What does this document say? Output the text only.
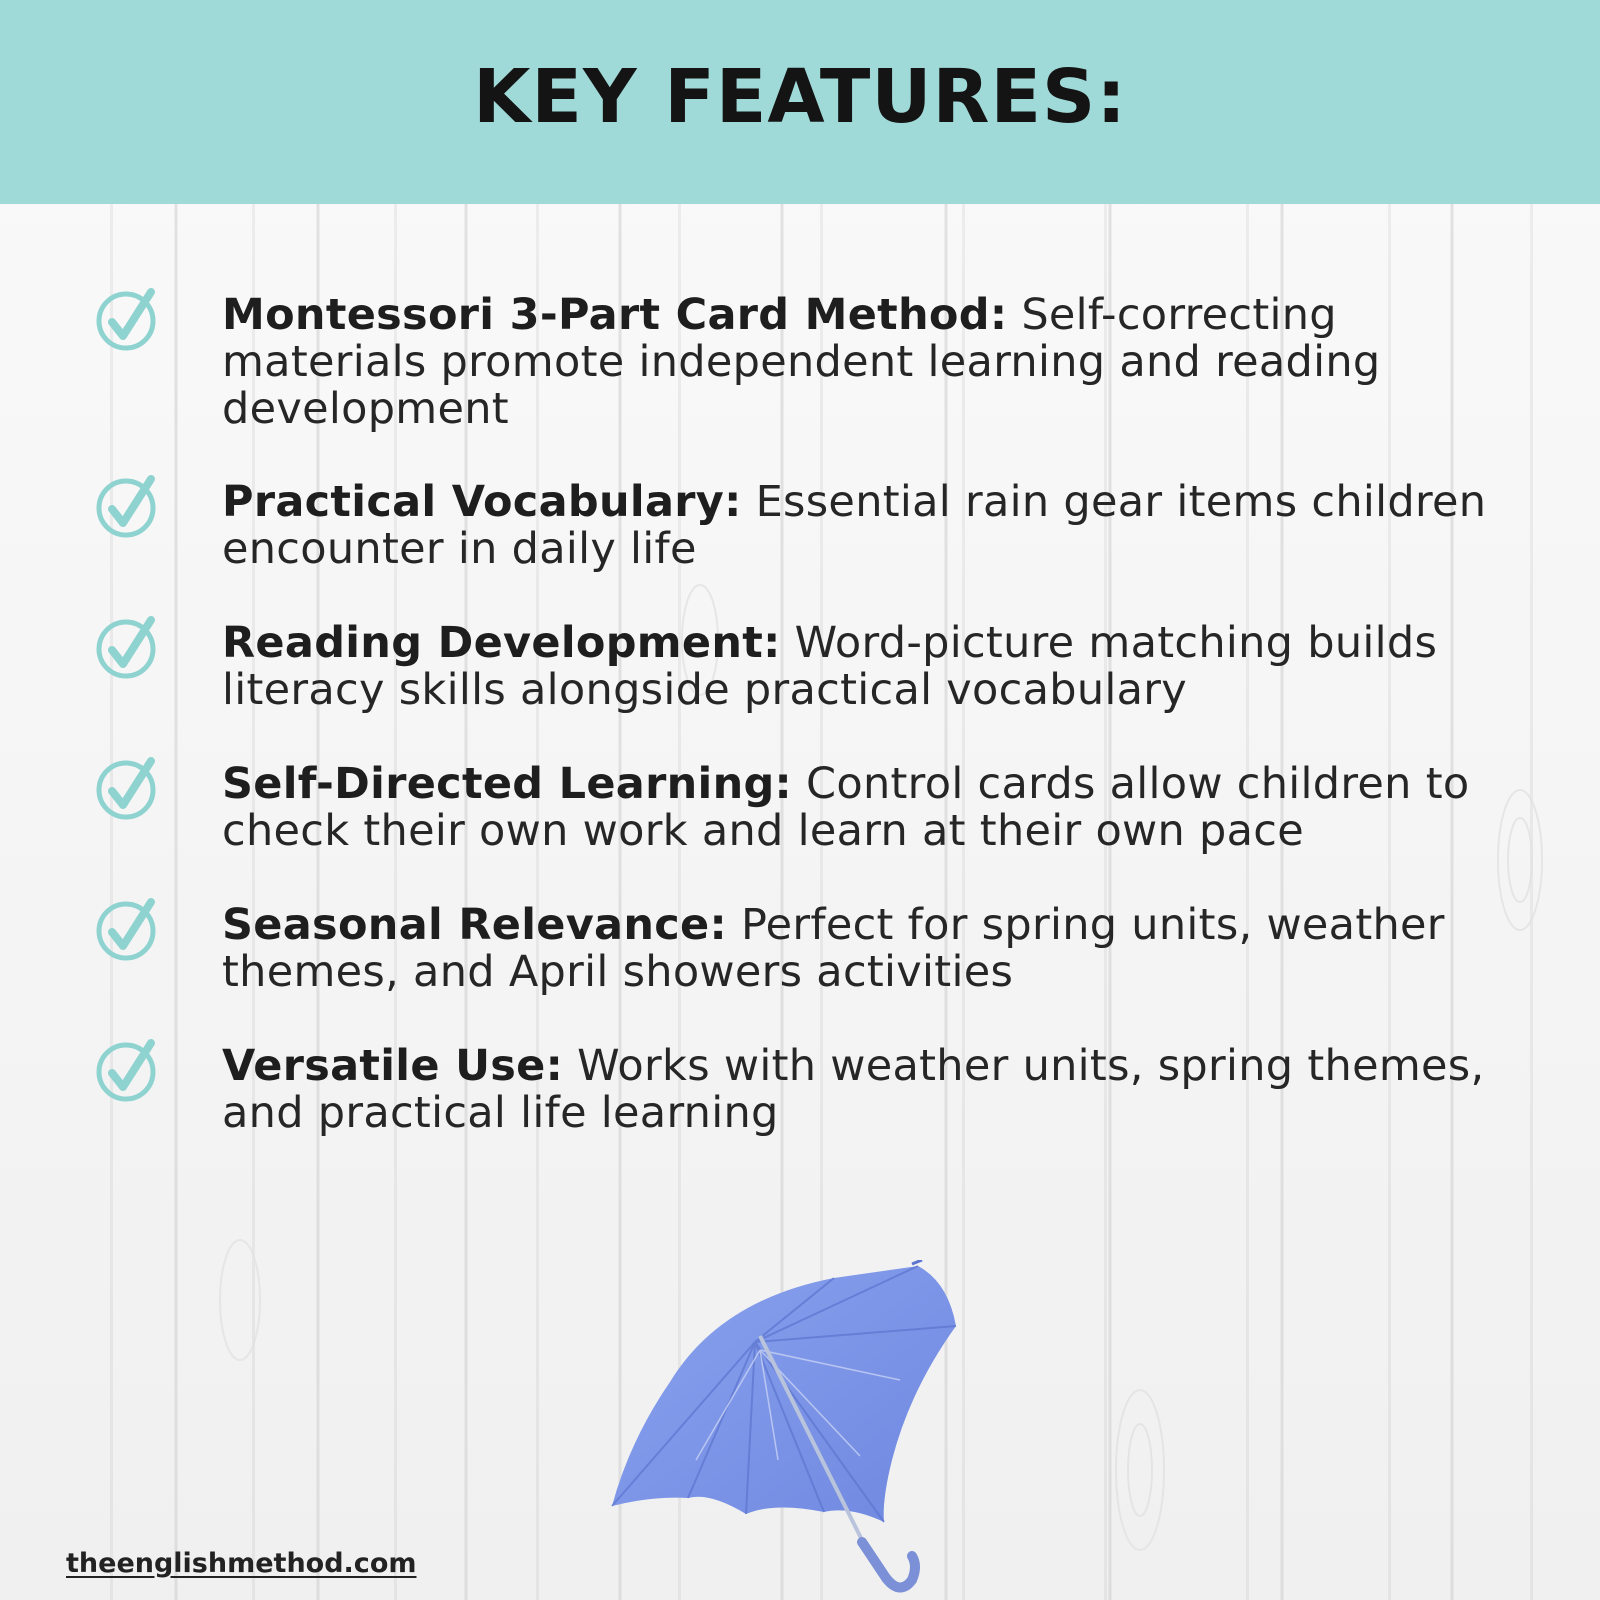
KEY FEATURES:
Montessori 3-Part Card Method: Self-correcting materials promote independent learning and reading development
Practical Vocabulary: Essential rain gear items children encounter in daily life
Reading Development: Word-picture matching builds literacy skills alongside practical vocabulary
Self-Directed Learning: Control cards allow children to check their own work and learn at their own pace
Seasonal Relevance: Perfect for spring units, weather themes, and April showers activities
Versatile Use: Works with weather units, spring themes, and practical life learning
theenglishmethod.com
